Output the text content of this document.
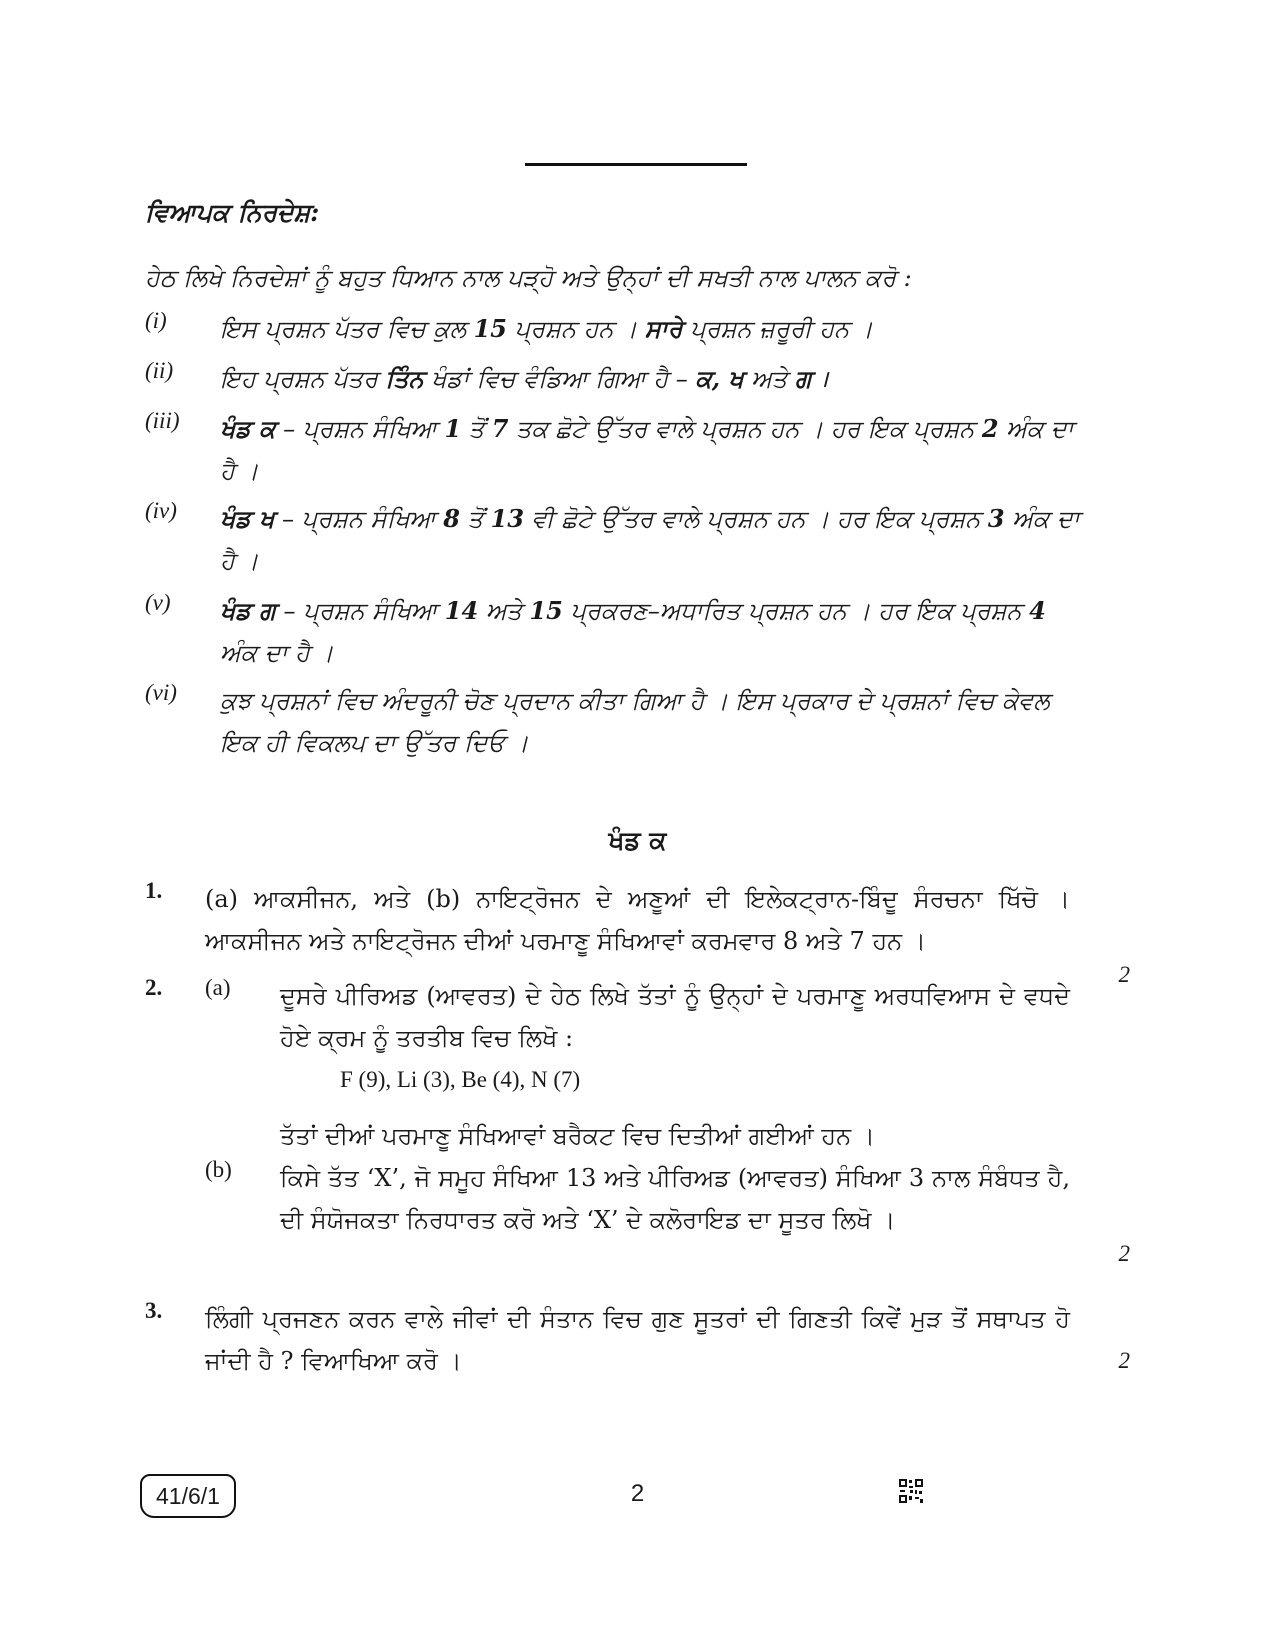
ਵਿਆਪਕ ਨਿਰਦੇਸ਼:
ਹੇਠ ਲਿਖੇ ਨਿਰਦੇਸ਼ਾਂ ਨੂੰ ਬਹੁਤ ਧਿਆਨ ਨਾਲ ਪੜ੍ਹੋ ਅਤੇ ਉਨ੍ਹਾਂ ਦੀ ਸਖਤੀ ਨਾਲ ਪਾਲਨ ਕਰੋ :
(i)	ਇਸ ਪ੍ਰਸ਼ਨ ਪੱਤਰ ਵਿਚ ਕੁਲ 15 ਪ੍ਰਸ਼ਨ ਹਨ । ਸਾਰੇ ਪ੍ਰਸ਼ਨ ਜ਼ਰੂਰੀ ਹਨ ।
(ii)	ਇਹ ਪ੍ਰਸ਼ਨ ਪੱਤਰ ਤਿੰਨ ਖੰਡਾਂ ਵਿਚ ਵੰਡਿਆ ਗਿਆ ਹੈ – ਕ, ਖ ਅਤੇ ਗ ।
(iii)	ਖੰਡ ਕ – ਪ੍ਰਸ਼ਨ ਸੰਖਿਆ 1 ਤੋਂ 7 ਤਕ ਛੋਟੇ ਉੱਤਰ ਵਾਲੇ ਪ੍ਰਸ਼ਨ ਹਨ । ਹਰ ਇਕ ਪ੍ਰਸ਼ਨ 2 ਅੰਕ ਦਾ ਹੈ ।
(iv)	ਖੰਡ ਖ – ਪ੍ਰਸ਼ਨ ਸੰਖਿਆ 8 ਤੋਂ 13 ਵੀ ਛੋਟੇ ਉੱਤਰ ਵਾਲੇ ਪ੍ਰਸ਼ਨ ਹਨ । ਹਰ ਇਕ ਪ੍ਰਸ਼ਨ 3 ਅੰਕ ਦਾ ਹੈ ।
(v)	ਖੰਡ ਗ – ਪ੍ਰਸ਼ਨ ਸੰਖਿਆ 14 ਅਤੇ 15 ਪ੍ਰਕਰਣ–ਅਧਾਰਿਤ ਪ੍ਰਸ਼ਨ ਹਨ । ਹਰ ਇਕ ਪ੍ਰਸ਼ਨ 4 ਅੰਕ ਦਾ ਹੈ ।
(vi)	ਕੁਝ ਪ੍ਰਸ਼ਨਾਂ ਵਿਚ ਅੰਦਰੂਨੀ ਚੋਣ ਪ੍ਰਦਾਨ ਕੀਤਾ ਗਿਆ ਹੈ । ਇਸ ਪ੍ਰਕਾਰ ਦੇ ਪ੍ਰਸ਼ਨਾਂ ਵਿਚ ਕੇਵਲ ਇਕ ਹੀ ਵਿਕਲਪ ਦਾ ਉੱਤਰ ਦਿਓ ।
ਖੰਡ ਕ
1. (a) ਆਕਸੀਜਨ, ਅਤੇ (b) ਨਾਇਟ੍ਰੋਜਨ ਦੇ ਅਣੂਆਂ ਦੀ ਇਲੇਕਟ੍ਰਾਨ-ਬਿੰਦੂ ਸੰਰਚਨਾ ਖਿੱਚੋ । ਆਕਸੀਜਨ ਅਤੇ ਨਾਇਟ੍ਰੋਜਨ ਦੀਆਂ ਪਰਮਾਣੂ ਸੰਖਿਆਵਾਂ ਕਰਮਵਾਰ 8 ਅਤੇ 7 ਹਨ ।
2
2. (a) ਦੂਸਰੇ ਪੀਰਿਅਡ (ਆਵਰਤ) ਦੇ ਹੇਠ ਲਿਖੇ ਤੱਤਾਂ ਨੂੰ ਉਨ੍ਹਾਂ ਦੇ ਪਰਮਾਣੂ ਅਰਧਵਿਆਸ ਦੇ ਵਧਦੇ ਹੋਏ ਕ੍ਰਮ ਨੂੰ ਤਰਤੀਬ ਵਿਚ ਲਿਖੋ :
F (9), Li (3), Be (4), N (7)
ਤੱਤਾਂ ਦੀਆਂ ਪਰਮਾਣੂ ਸੰਖਿਆਵਾਂ ਬਰੈਕਟ ਵਿਚ ਦਿਤੀਆਂ ਗਈਆਂ ਹਨ ।
(b) ਕਿਸੇ ਤੱਤ ‘X’, ਜੋ ਸਮੂਹ ਸੰਖਿਆ 13 ਅਤੇ ਪੀਰਿਅਡ (ਆਵਰਤ) ਸੰਖਿਆ 3 ਨਾਲ ਸੰਬੰਧਤ ਹੈ, ਦੀ ਸੰਯੋਜਕਤਾ ਨਿਰਧਾਰਤ ਕਰੋ ਅਤੇ ‘X’ ਦੇ ਕਲੋਰਾਇਡ ਦਾ ਸੂਤਰ ਲਿਖੋ ।
2
3. ਲਿੰਗੀ ਪ੍ਰਜਣਨ ਕਰਨ ਵਾਲੇ ਜੀਵਾਂ ਦੀ ਸੰਤਾਨ ਵਿਚ ਗੁਣ ਸੂਤਰਾਂ ਦੀ ਗਿਣਤੀ ਕਿਵੇਂ ਮੁੜ ਤੋਂ ਸਥਾਪਤ ਹੋ ਜਾਂਦੀ ਹੈ ? ਵਿਆਖਿਆ ਕਰੋ ।	2
41/6/1	2
